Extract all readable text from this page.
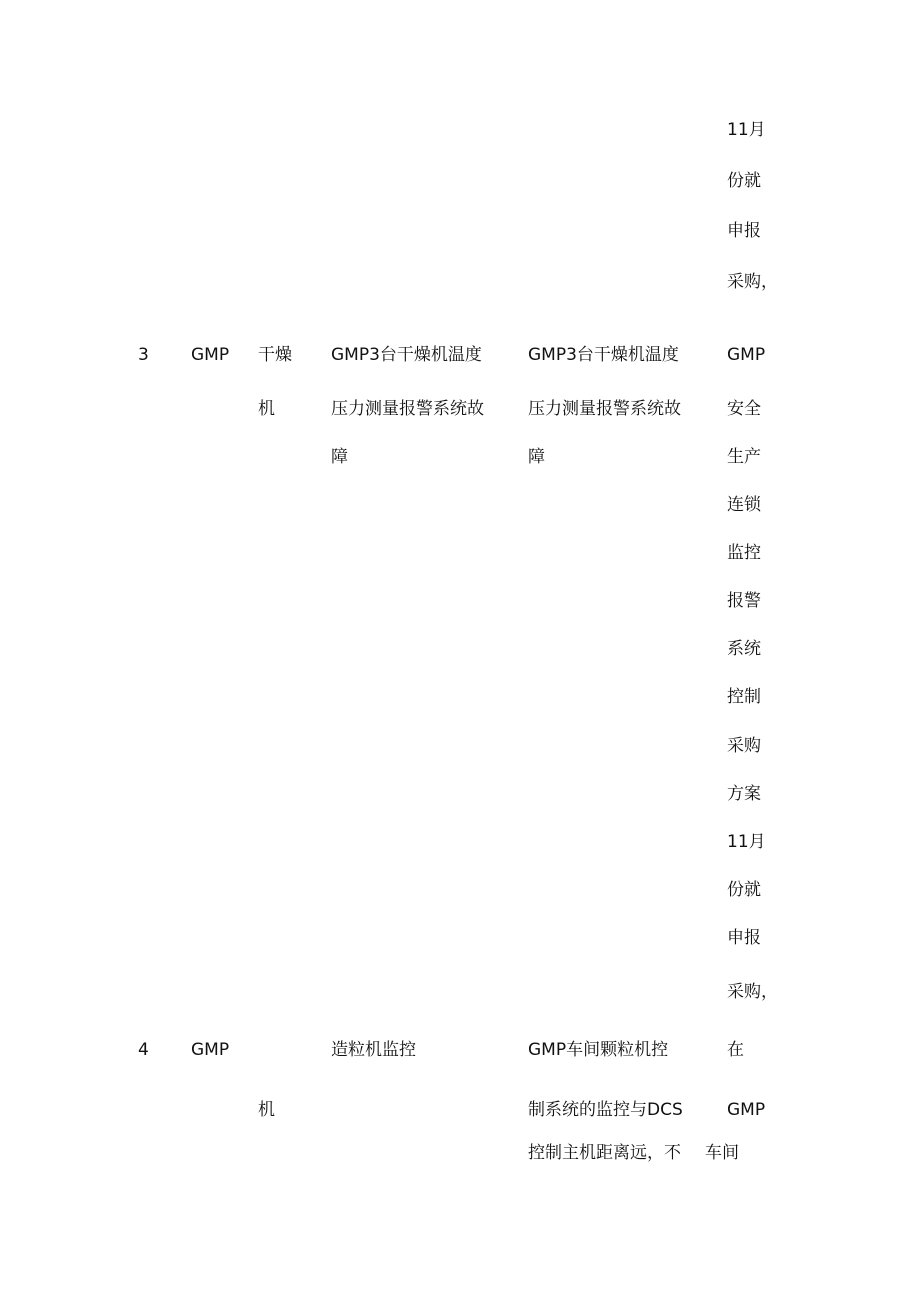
11月
份就
申报
采购，
3 GMP 干燥
机
GMP3台干燥机温度
压力测量报警系统故
障
GMP3台干燥机温度
压力测量报警系统故
障
GMP
安全
生产
连锁
监控
报警
系统
控制
采购
方案
11月
份就
申报
采购，
4 GMP
机
造粒机监控	GMP车间颗粒机控
制系统的监控与DCS
控制主机距离远，不
在
GMP
车间
